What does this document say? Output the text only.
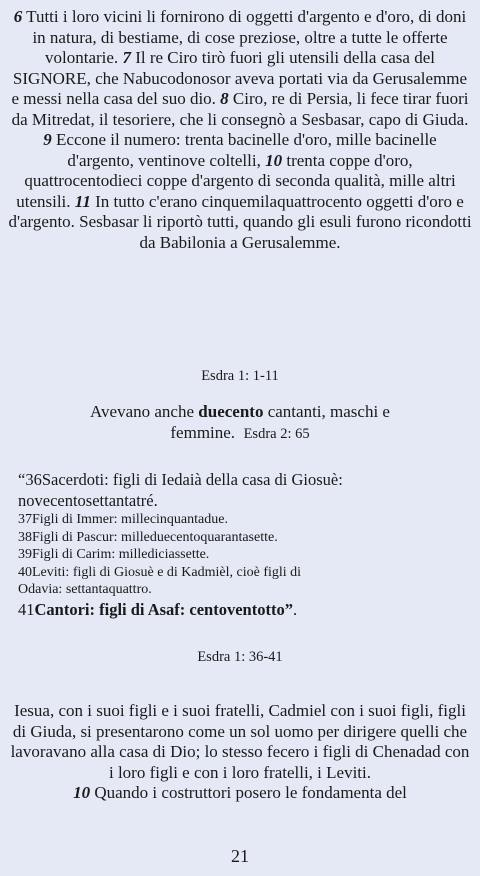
6 Tutti i loro vicini li fornirono di oggetti d'argento e d'oro, di doni in natura, di bestiame, di cose preziose, oltre a tutte le offerte volontarie. 7 Il re Ciro tirò fuori gli utensili della casa del SIGNORE, che Nabucodonosor aveva portati via da Gerusalemme e messi nella casa del suo dio. 8 Ciro, re di Persia, li fece tirar fuori da Mitredat, il tesoriere, che li consegnò a Sesbasar, capo di Giuda. 9 Eccone il numero: trenta bacinelle d'oro, mille bacinelle d'argento, ventinove coltelli, 10 trenta coppe d'oro, quattrocentodieci coppe d'argento di seconda qualità, mille altri utensili. 11 In tutto c'erano cinquemilaquattrocento oggetti d'oro e d'argento. Sesbasar li riportò tutti, quando gli esuli furono ricondotti da Babilonia a Gerusalemme.
Esdra 1: 1-11
Avevano anche duecento cantanti, maschi e femmine. Esdra 2: 65
“36Sacerdoti: figli di Iedaià della casa di Giosuè:
novecentosettantatré.
37Figli di Immer: millecinquantadue.
38Figli di Pascur: milleduecentoquarantasette.
39Figli di Carim: millediciassette.
40Leviti: figli di Giosuè e di Kadmièl, cioè figli di
Odavia: settantaquattro.
41Cantori: figli di Asaf: centoventotto”.
Esdra 1: 36-41
Iesua, con i suoi figli e i suoi fratelli, Cadmiel con i suoi figli, figli di Giuda, si presentarono come un sol uomo per dirigere quelli che lavoravano alla casa di Dio; lo stesso fecero i figli di Chenadad con i loro figli e con i loro fratelli, i Leviti.
10 Quando i costruttori posero le fondamenta del
21
